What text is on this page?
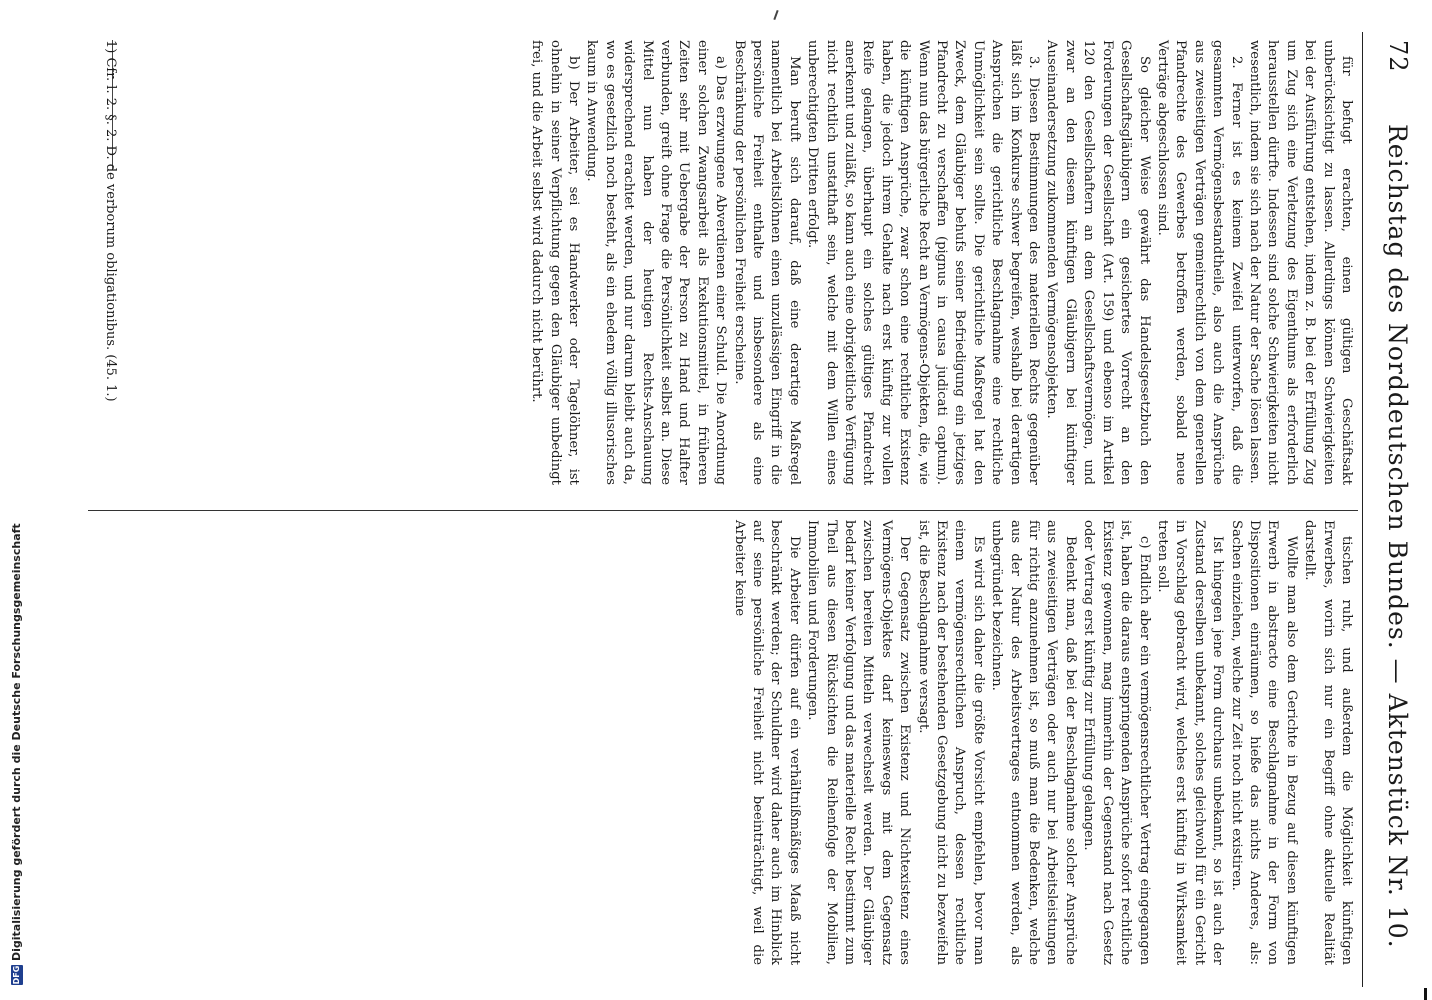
72
Reichstag des Norddeutschen Bundes. — Aktenstück Nr. 10.

für befugt erachten, einen gültigen Geschäftsakt unberücksichtigt zu lassen. Allerdings können Schwierigkeiten bei der Ausführung entstehen, indem z. B. bei der Erfüllung Zug um Zug sich eine Verletzung des Eigenthums als erforderlich herausstellen dürfte. Indessen sind solche Schwierigkeiten nicht wesentlich, indem sie sich nach der Natur der Sache lösen lassen.

2. Ferner ist es keinem Zweifel unterworfen, daß die gesammten Vermögensbestandtheile, also auch die Ansprüche aus zweiseitigen Verträgen gemeinrechtlich von dem generellen Pfandrechte des Gewerbes betroffen werden, sobald neue Verträge abgeschlossen sind.

So gleicher Weise gewährt das Handelsgesetzbuch den Gesellschaftsgläubigern ein gesichertes Vorrecht an den Forderungen der Gesellschaft (Art. 159) und ebenso im Artikel 120 den Gesellschaftern an dem Gesellschaftsvermögen, und zwar an den diesem künftigen Gläubigern bei künftiger Auseinandersetzung zukommenden Vermögensobjekten.

3. Diesen Bestimmungen des materiellen Rechts gegenüber läßt sich im Konkurse schwer begreifen, weshalb bei derartigen Ansprüchen die gerichtliche Beschlagnahme eine rechtliche Unmöglichkeit sein sollte. Die gerichtliche Maßregel hat den Zweck, dem Gläubiger behufs seiner Befriedigung ein jetziges Pfandrecht zu verschaffen (pignus in causa judicati captum). Wenn nun das bürgerliche Recht an Vermögens-Objekten, die, wie die künftigen Ansprüche, zwar schon eine rechtliche Existenz haben, die jedoch ihrem Gehalte nach erst künftig zur vollen Reife gelangen, überhaupt ein solches gültiges Pfandrecht anerkennt und zuläßt, so kann auch eine obrigkeitliche Verfügung nicht rechtlich unstatthaft sein, welche mit dem Willen eines unberechtigten Dritten erfolgt.

Man beruft sich darauf, daß eine derartige Maßregel namentlich bei Arbeitslöhnen einen unzulässigen Eingriff in die persönliche Freiheit enthalte und insbesondere als eine Beschränkung der persönlichen Freiheit erscheine.

a) Das erzwungene Abverdienen einer Schuld. Die Anordnung einer solchen Zwangsarbeit als Exekutionsmittel, in früheren Zeiten sehr mit Uebergabe der Person zu Hand und Halfter verbunden, greift ohne Frage die Persönlichkeit selbst an. Diese Mittel nun haben der heutigen Rechts-Anschauung widersprechend erachtet werden, und nur darum bleibt auch da, wo es gesetzlich noch besteht, als ein ehedem völlig illusorisches kaum in Anwendung.

b) Der Arbeiter, sei es Handwerker oder Tagelöhner, ist ohnehin in seiner Verpflichtung gegen den Gläubiger unbedingt frei, und die Arbeit selbst wird dadurch nicht berührt.

tischen ruht, und außerdem die Möglichkeit künftigen Erwerbes, worin sich nur ein Begriff ohne aktuelle Realität darstellt.

Wollte man also dem Gerichte in Bezug auf diesen künftigen Erwerb in abstracto eine Beschlagnahme in der Form von Dispositionen einräumen, so hieße das nichts Anderes, als: Sachen einziehen, welche zur Zeit noch nicht existiren.

Ist hingegen jene Form durchaus unbekannt, so ist auch der Zustand derselben unbekannt, solches gleichwohl für ein Gericht in Vorschlag gebracht wird, welches erst künftig in Wirksamkeit treten soll.

c) Endlich aber ein vermögensrechtlicher Vertrag eingegangen ist, haben die daraus entspringenden Ansprüche sofort rechtliche Existenz gewonnen, mag immerhin der Gegenstand nach Gesetz oder Vertrag erst künftig zur Erfüllung gelangen.

Bedenkt man, daß bei der Beschlagnahme solcher Ansprüche aus zweiseitigen Verträgen oder auch nur bei Arbeitsleistungen für richtig anzunehmen ist, so muß man die Bedenken, welche aus der Natur des Arbeitsvertrages entnommen werden, als unbegründet bezeichnen.

Es wird sich daher die größte Vorsicht empfehlen, bevor man einem vermögensrechtlichen Anspruch, dessen rechtliche Existenz nach der bestehenden Gesetzgebung nicht zu bezweifeln ist, die Beschlagnahme versagt.

Der Gegensatz zwischen Existenz und Nichtexistenz eines Vermögens-Objektes darf keineswegs mit dem Gegensatz zwischen bereiten Mitteln verwechselt werden. Der Gläubiger bedarf keiner Verfolgung und das materielle Recht bestimmt zum Theil aus diesen Rücksichten die Reihenfolge der Mobilien, Immobilien und Forderungen.

Die Arbeiter dürfen auf ein verhältnißmäßiges Maaß nicht beschränkt werden; der Schuldner wird daher auch im Hinblick auf seine persönliche Freiheit nicht beeinträchtigt, weil die Arbeiter keine

1) Cfr. l. 2. §. 2. D. de verborum obligationibus. (45. 1.)
DFG
Digitalisierung gefördert durch die Deutsche Forschungsgemeinschaft
